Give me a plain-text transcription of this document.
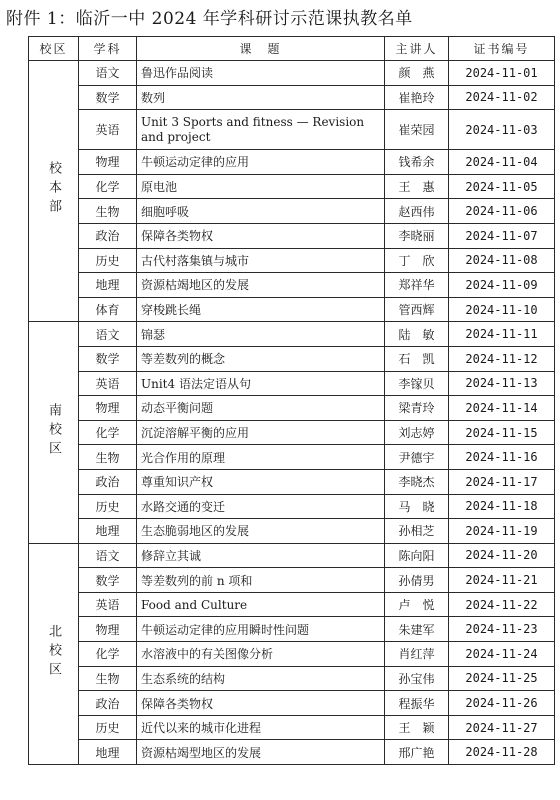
附件 1：临沂一中 2024 年学科研讨示范课执教名单
校区	学科	课　题	主讲人	证书编号
校本部	语文	鲁迅作品阅读	颜　燕	2024-11-01
	数学	数列	崔艳玲	2024-11-02
	英语	Unit 3 Sports and fitness — Revision and project	崔荣园	2024-11-03
	物理	牛顿运动定律的应用	钱希余	2024-11-04
	化学	原电池	王　惠	2024-11-05
	生物	细胞呼吸	赵西伟	2024-11-06
	政治	保障各类物权	李晓丽	2024-11-07
	历史	古代村落集镇与城市	丁　欣	2024-11-08
	地理	资源枯竭地区的发展	郑祥华	2024-11-09
	体育	穿梭跳长绳	管西辉	2024-11-10
南校区	语文	锦瑟	陆　敏	2024-11-11
	数学	等差数列的概念	石　凯	2024-11-12
	英语	Unit4 语法定语从句	李镓贝	2024-11-13
	物理	动态平衡问题	梁青玲	2024-11-14
	化学	沉淀溶解平衡的应用	刘志婷	2024-11-15
	生物	光合作用的原理	尹德宇	2024-11-16
	政治	尊重知识产权	李晓杰	2024-11-17
	历史	水路交通的变迁	马　晓	2024-11-18
	地理	生态脆弱地区的发展	孙相芝	2024-11-19
北校区	语文	修辞立其诚	陈向阳	2024-11-20
	数学	等差数列的前 n 项和	孙倩男	2024-11-21
	英语	Food and Culture	卢　悦	2024-11-22
	物理	牛顿运动定律的应用瞬时性问题	朱建军	2024-11-23
	化学	水溶液中的有关图像分析	肖红萍	2024-11-24
	生物	生态系统的结构	孙宝伟	2024-11-25
	政治	保障各类物权	程振华	2024-11-26
	历史	近代以来的城市化进程	王　颖	2024-11-27
	地理	资源枯竭型地区的发展	邢广艳	2024-11-28
